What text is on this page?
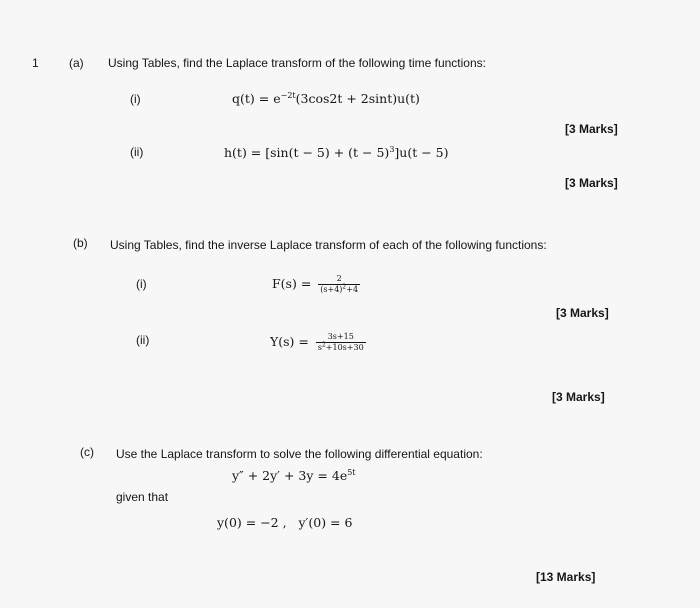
1	(a) Using Tables, find the Laplace transform of the following time functions:
(i)	$q(t) = e^{-2t}(3\cos 2t + 2\sin t)u(t)$
[3 Marks]
(ii)	$h(t) = [\sin(t - 5) + (t - 5)^3]u(t - 5)$
[3 Marks]
(b) Using Tables, find the inverse Laplace transform of each of the following functions:
(i)	$F(s) = \frac{2}{(s+4)^2+4}$
[3 Marks]
(ii)	$Y(s) = \frac{3s+15}{s^2+10s+30}$
[3 Marks]
(c) Use the Laplace transform to solve the following differential equation:
$y'' + 2y' + 3y = 4e^{5t}$
given that
y(0) = −2 ,   y′(0) = 6
[13 Marks]
